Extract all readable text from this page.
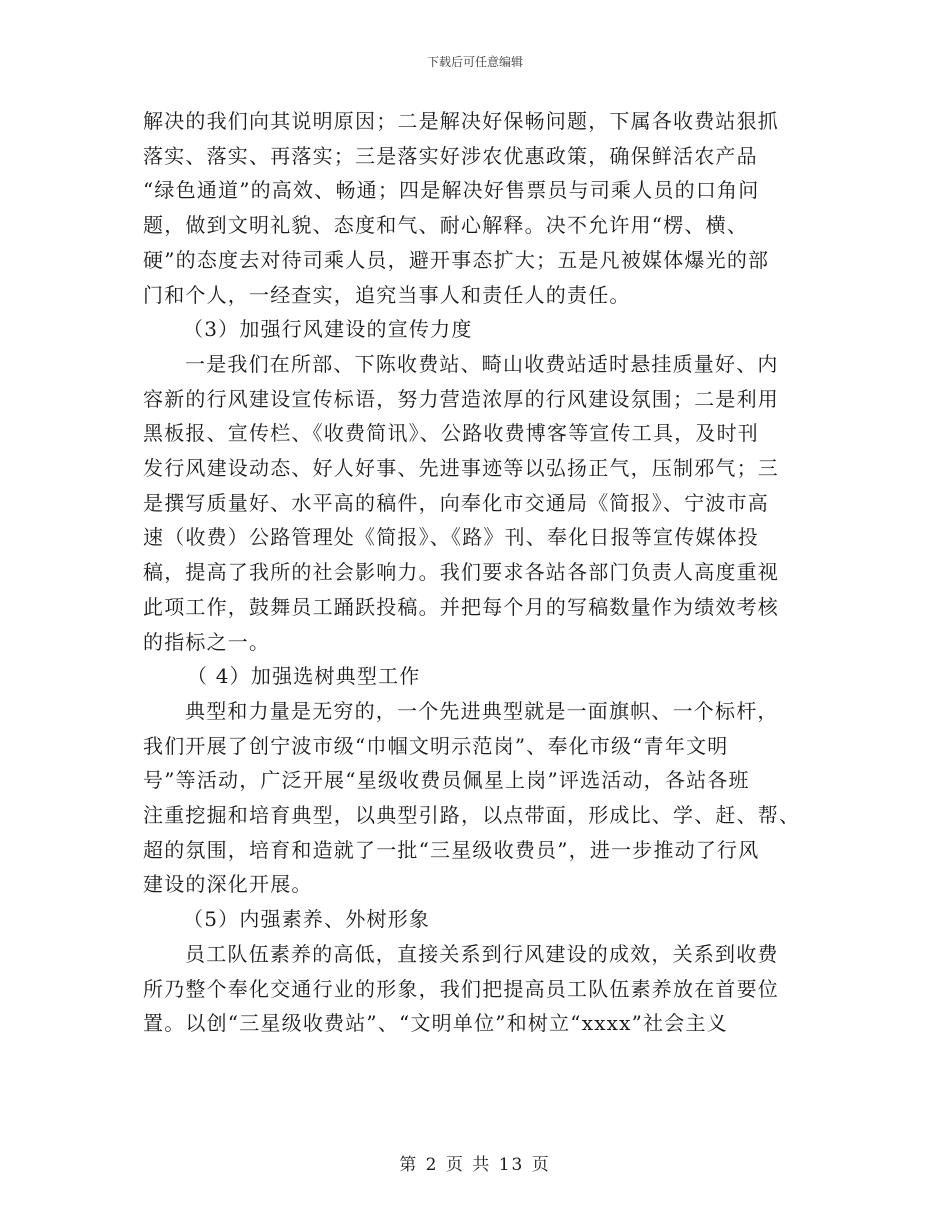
下载后可任意编辑

解决的我们向其说明原因；二是解决好保畅问题，下属各收费站狠抓

落实、落实、再落实；三是落实好涉农优惠政策，确保鲜活农产品

“绿色通道”的高效、畅通；四是解决好售票员与司乘人员的口角问

题，做到文明礼貌、态度和气、耐心解释。决不允许用“楞、横、

硬”的态度去对待司乘人员，避开事态扩大；五是凡被媒体爆光的部

门和个人，一经查实，追究当事人和责任人的责任。

（3）加强行风建设的宣传力度

一是我们在所部、下陈收费站、畸山收费站适时悬挂质量好、内

容新的行风建设宣传标语，努力营造浓厚的行风建设氛围；二是利用

黑板报、宣传栏、《收费简讯》、公路收费博客等宣传工具，及时刊

发行风建设动态、好人好事、先进事迹等以弘扬正气，压制邪气；三

是撰写质量好、水平高的稿件，向奉化市交通局《简报》、宁波市高

速（收费）公路管理处《简报》、《路》刊、奉化日报等宣传媒体投

稿，提高了我所的社会影响力。我们要求各站各部门负责人高度重视

此项工作，鼓舞员工踊跃投稿。并把每个月的写稿数量作为绩效考核

的指标之一。

（ 4）加强选树典型工作

典型和力量是无穷的，一个先进典型就是一面旗帜、一个标杆，

我们开展了创宁波市级“巾帼文明示范岗”、奉化市级“青年文明

号”等活动，广泛开展“星级收费员佩星上岗”评选活动，各站各班

注重挖掘和培育典型，以典型引路，以点带面，形成比、学、赶、帮、

超的氛围，培育和造就了一批“三星级收费员”，进一步推动了行风

建设的深化开展。

（5）内强素养、外树形象

员工队伍素养的高低，直接关系到行风建设的成效，关系到收费

所乃整个奉化交通行业的形象，我们把提高员工队伍素养放在首要位

置。以创“三星级收费站”、“文明单位”和树立“xxxx”社会主义

第 2 页 共 13 页
